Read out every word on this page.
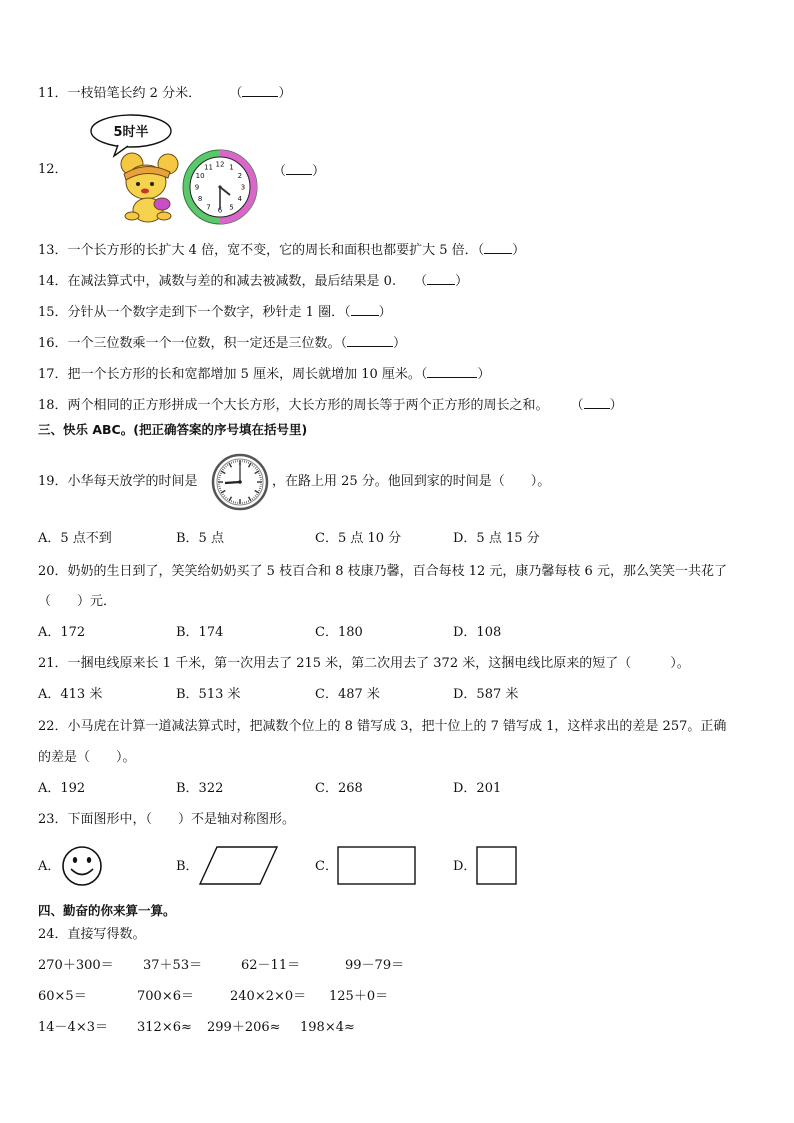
11．一枝铅笔长约 2 分米． （	）
12．
5时半
12 1
2
3
4
5
6
7
8
9
10
11	（ ）
13．一个长方形的长扩大 4 倍，宽不变，它的周长和面积也都要扩大 5 倍．（ ）
14．在减法算式中，减数与差的和减去被减数，最后结果是 0. （ ）
15．分针从一个数字走到下一个数字，秒针走 1 圈．（ ）
16．一个三位数乘一个一位数，积一定还是三位数。（	）
17．把一个长方形的长和宽都增加 5 厘米，周长就增加 10 厘米。（	）
18．两个相同的正方形拼成一个大长方形，大长方形的周长等于两个正方形的周长之和。 （ ）
三、快乐 ABC。(把正确答案的序号填在括号里)
19．小华每天放学的时间是	，在路上用 25 分。他回到家的时间是（　　）。
A．5 点不到	B．5 点	C．5 点 10 分	D．5 点 15 分
20．奶奶的生日到了，笑笑给奶奶买了 5 枝百合和 8 枝康乃馨，百合每枝 12 元，康乃馨每枝 6 元，那么笑笑一共花了
（　　）元．
A．172	B．174	C．180	D．108
21．一捆电线原来长 1 千米，第一次用去了 215 米，第二次用去了 372 米，这捆电线比原来的短了（　　　）。
A．413 米	B．513 米	C．487 米	D．587 米
22．小马虎在计算一道减法算式时，把减数个位上的 8 错写成 3，把十位上的 7 错写成 1，这样求出的差是 257。正确
的差是（　　）。
A．192	B．322	C．268	D．201
23．下面图形中，（　　）不是轴对称图形。
A．	B．	C．	D．
四、勤奋的你来算一算。
24．直接写得数。
270＋300＝ 37＋53＝	62－11＝	99－79＝
60×5＝	700×6＝	240×2×0＝ 125＋0＝
14－4×3＝ 312×6≈ 299＋206≈ 198×4≈
